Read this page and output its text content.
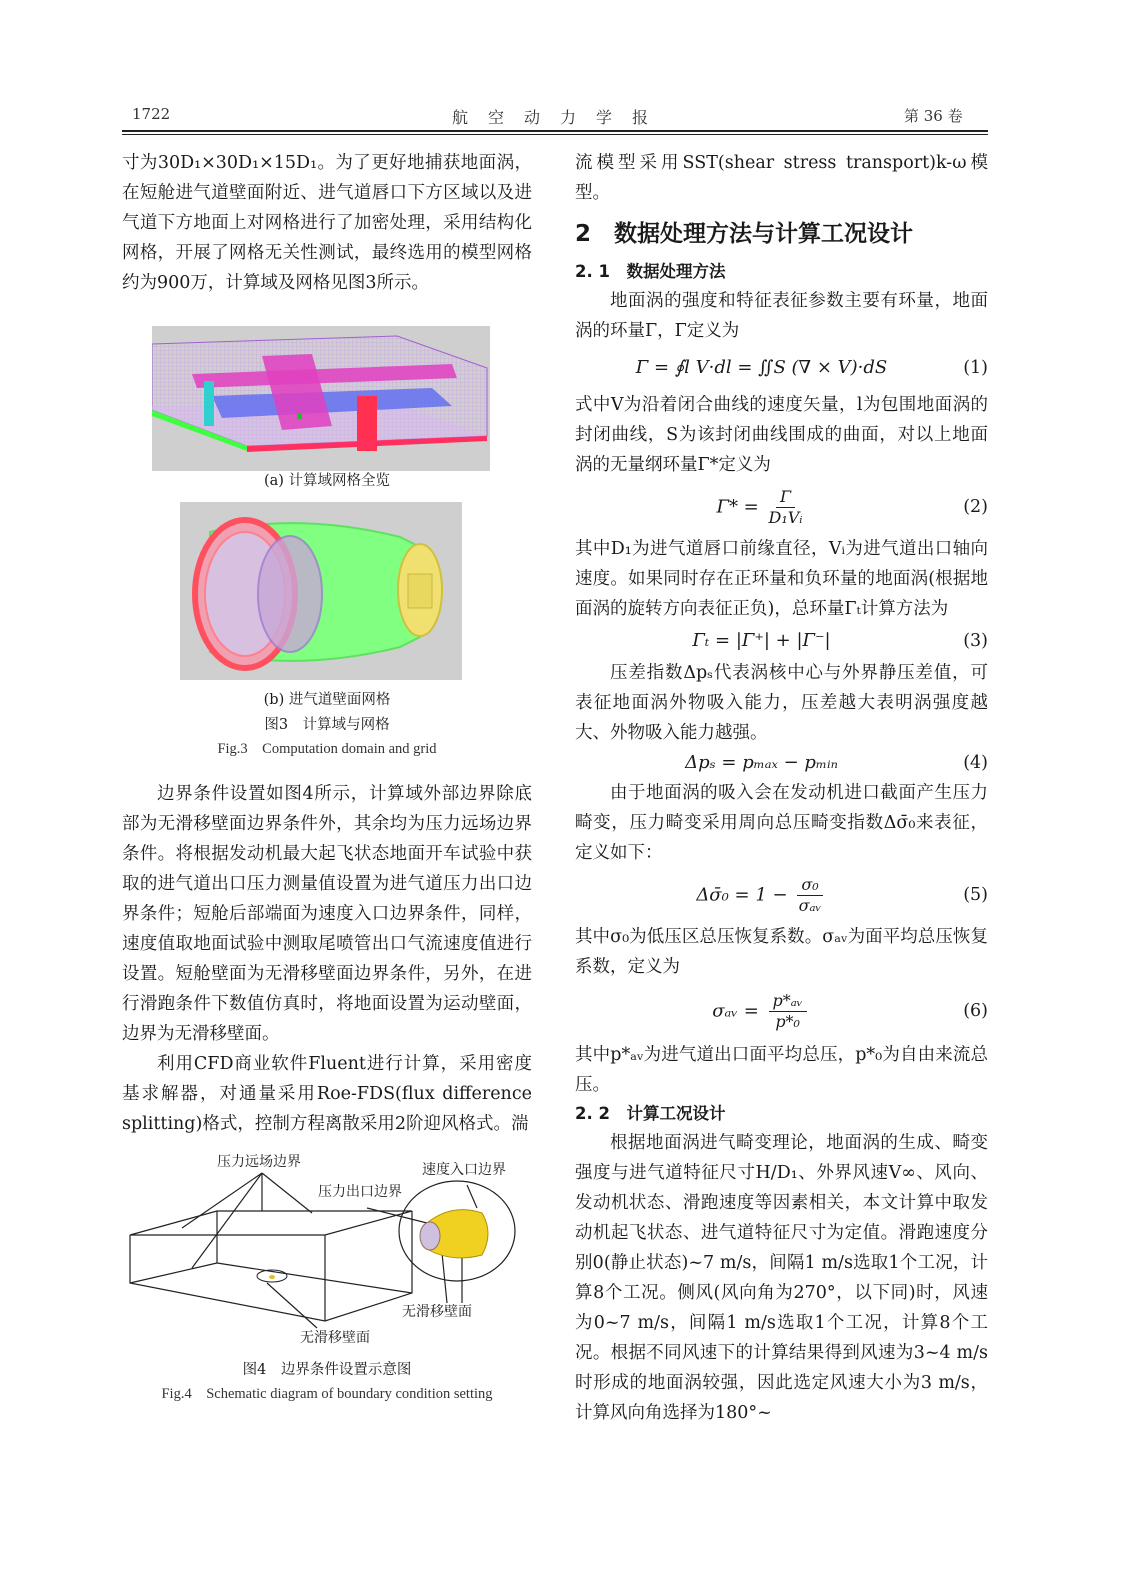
1722	航　空　动　力　学　报	第 36 卷

寸为30D₁×30D₁×15D₁。为了更好地捕获地面涡，在短舱进气道壁面附近、进气道唇口下方区域以及进气道下方地面上对网格进行了加密处理，采用结构化网格，开展了网格无关性测试，最终选用的模型网格约为900万，计算域及网格见图3所示。

(a) 计算域网格全览
(b) 进气道壁面网格
图3　计算域与网格
Fig.3　Computation domain and grid

边界条件设置如图4所示，计算域外部边界除底部为无滑移壁面边界条件外，其余均为压力远场边界条件。将根据发动机最大起飞状态地面开车试验中获取的进气道出口压力测量值设置为进气道压力出口边界条件；短舱后部端面为速度入口边界条件，同样，速度值取地面试验中测取尾喷管出口气流速度值进行设置。短舱壁面为无滑移壁面边界条件，另外，在进行滑跑条件下数值仿真时，将地面设置为运动壁面，边界为无滑移壁面。

利用CFD商业软件Fluent进行计算，采用密度基求解器，对通量采用Roe-FDS(flux difference splitting)格式，控制方程离散采用2阶迎风格式。湍

压力远场边界	速度入口边界
压力出口边界
无滑移壁面
无滑移壁面
图4　边界条件设置示意图
Fig.4　Schematic diagram of boundary condition setting

流模型采用SST(shear stress transport)k-ω模型。

2　数据处理方法与计算工况设计
2. 1　数据处理方法

地面涡的强度和特征表征参数主要有环量，地面涡的环量Γ，Γ定义为

Γ = ∮l V·dl = ∬S (∇ × V)·dS	(1)

式中V为沿着闭合曲线的速度矢量，l为包围地面涡的封闭曲线，S为该封闭曲线围成的曲面，对以上地面涡的无量纲环量Γ*定义为

$\Gamma* = \frac{\Gamma}{\text{D₁Vᵢ}}$	(2)

其中D₁为进气道唇口前缘直径，Vᵢ为进气道出口轴向速度。如果同时存在正环量和负环量的地面涡(根据地面涡的旋转方向表征正负)，总环量Γₜ计算方法为

Γₜ = |Γ⁺| + |Γ⁻|	(3)

压差指数Δpₛ代表涡核中心与外界静压差值，可表征地面涡外物吸入能力，压差越大表明涡强度越大、外物吸入能力越强。

Δpₛ = pₘₐₓ − pₘᵢₙ	(4)

由于地面涡的吸入会在发动机进口截面产生压力畸变，压力畸变采用周向总压畸变指数Δσ̄₀来表征，定义如下：

Δσ̄₀ = $1 - \frac{\text{σ₀}}{\text{σₐᵥ}}$	(5)

其中σ₀为低压区总压恢复系数。σₐᵥ为面平均总压恢复系数，定义为

σₐᵥ = $\frac{\text{p*ₐᵥ}}{\text{p*₀}}$	(6)

其中p*ₐᵥ为进气道出口面平均总压，p*₀为自由来流总压。

2. 2　计算工况设计

根据地面涡进气畸变理论，地面涡的生成、畸变强度与进气道特征尺寸H/D₁、外界风速V∞、风向、发动机状态、滑跑速度等因素相关，本文计算中取发动机起飞状态、进气道特征尺寸为定值。滑跑速度分别0(静止状态)~7 m/s，间隔1 m/s选取1个工况，计算8个工况。侧风(风向角为270°，以下同)时，风速为0~7 m/s，间隔1 m/s选取1个工况，计算8个工况。根据不同风速下的计算结果得到风速为3~4 m/s时形成的地面涡较强，因此选定风速大小为3 m/s，计算风向角选择为180°~
